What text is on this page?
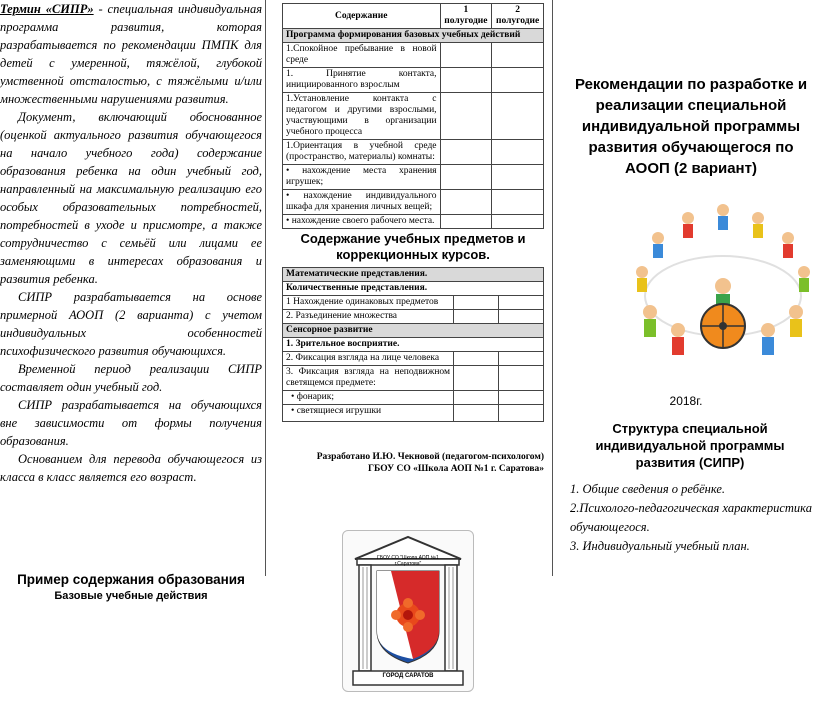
Термин «СИПР» - специальная индивидуальная программа развития, которая разрабатывается по рекомендации ПМПК для детей с умеренной, тяжёлой, глубокой умственной отсталостью, с тяжёлыми и/или множественными нарушениями развития.

Документ, включающий обоснованное (оценкой актуального развития обучающегося на начало учебного года) содержание образования ребенка на один учебный год, направленный на максимальную реализацию его особых образовательных потребностей, потребностей в уходе и присмотре, а также сотрудничество с семьёй или лицами ее заменяющими в интересах образования и развития ребенка.

СИПР разрабатывается на основе примерной АООП (2 варианта) с учетом индивидуальных особенностей психофизического развития обучающихся.

Временной период реализации СИПР составляет один учебный год.

СИПР разрабатывается на обучающихся вне зависимости от формы получения образования.

Основанием для перевода обучающегося из класса в класс является его возраст.

Пример содержания образования

Базовые учебные действия

Содержание	1 полугодие	2 полугодие
Программа формирования базовых учебных действий		
1.Спокойное пребывание в новой среде		
1. Принятие контакта, инициированного взрослым		
1.Установление контакта с педагогом и другими взрослыми, участвующими в организации учебного процесса		
1.Ориентация в учебной среде (пространство, материалы) комнаты:		
• нахождение места хранения игрушек;		
• нахождение индивидуального шкафа для хранения личных вещей;		
• нахождение своего рабочего места.		

Содержание учебных предметов и коррекционных курсов.

Математические представления.		
Количественные представления.		
1 Нахождение одинаковых предметов		
2. Разъединение множества		
Сенсорное развитие		
1. Зрительное восприятие.		
2. Фиксация взгляда на лице человека		
3. Фиксация взгляда на неподвижном светящемся предмете:		
• фонарик;		
• светящиеся игрушки		

Разработано И.Ю. Чекновой (педагогом-психологом)

ГБОУ СО «Школа АОП №1 г. Саратова»

ГБОУ СО "Школа АОП №1 г.Саратова"
ГОРОД САРАТОВ

Рекомендации по разработке и реализации специальной индивидуальной программы развития обучающегося по АООП (2 вариант)

2018г.

Структура специальной индивидуальной программы развития (СИПР)

1. Общие сведения о ребёнке.

2.Психолого-педагогическая характеристика обучающегося.

3. Индивидуальный учебный план.
